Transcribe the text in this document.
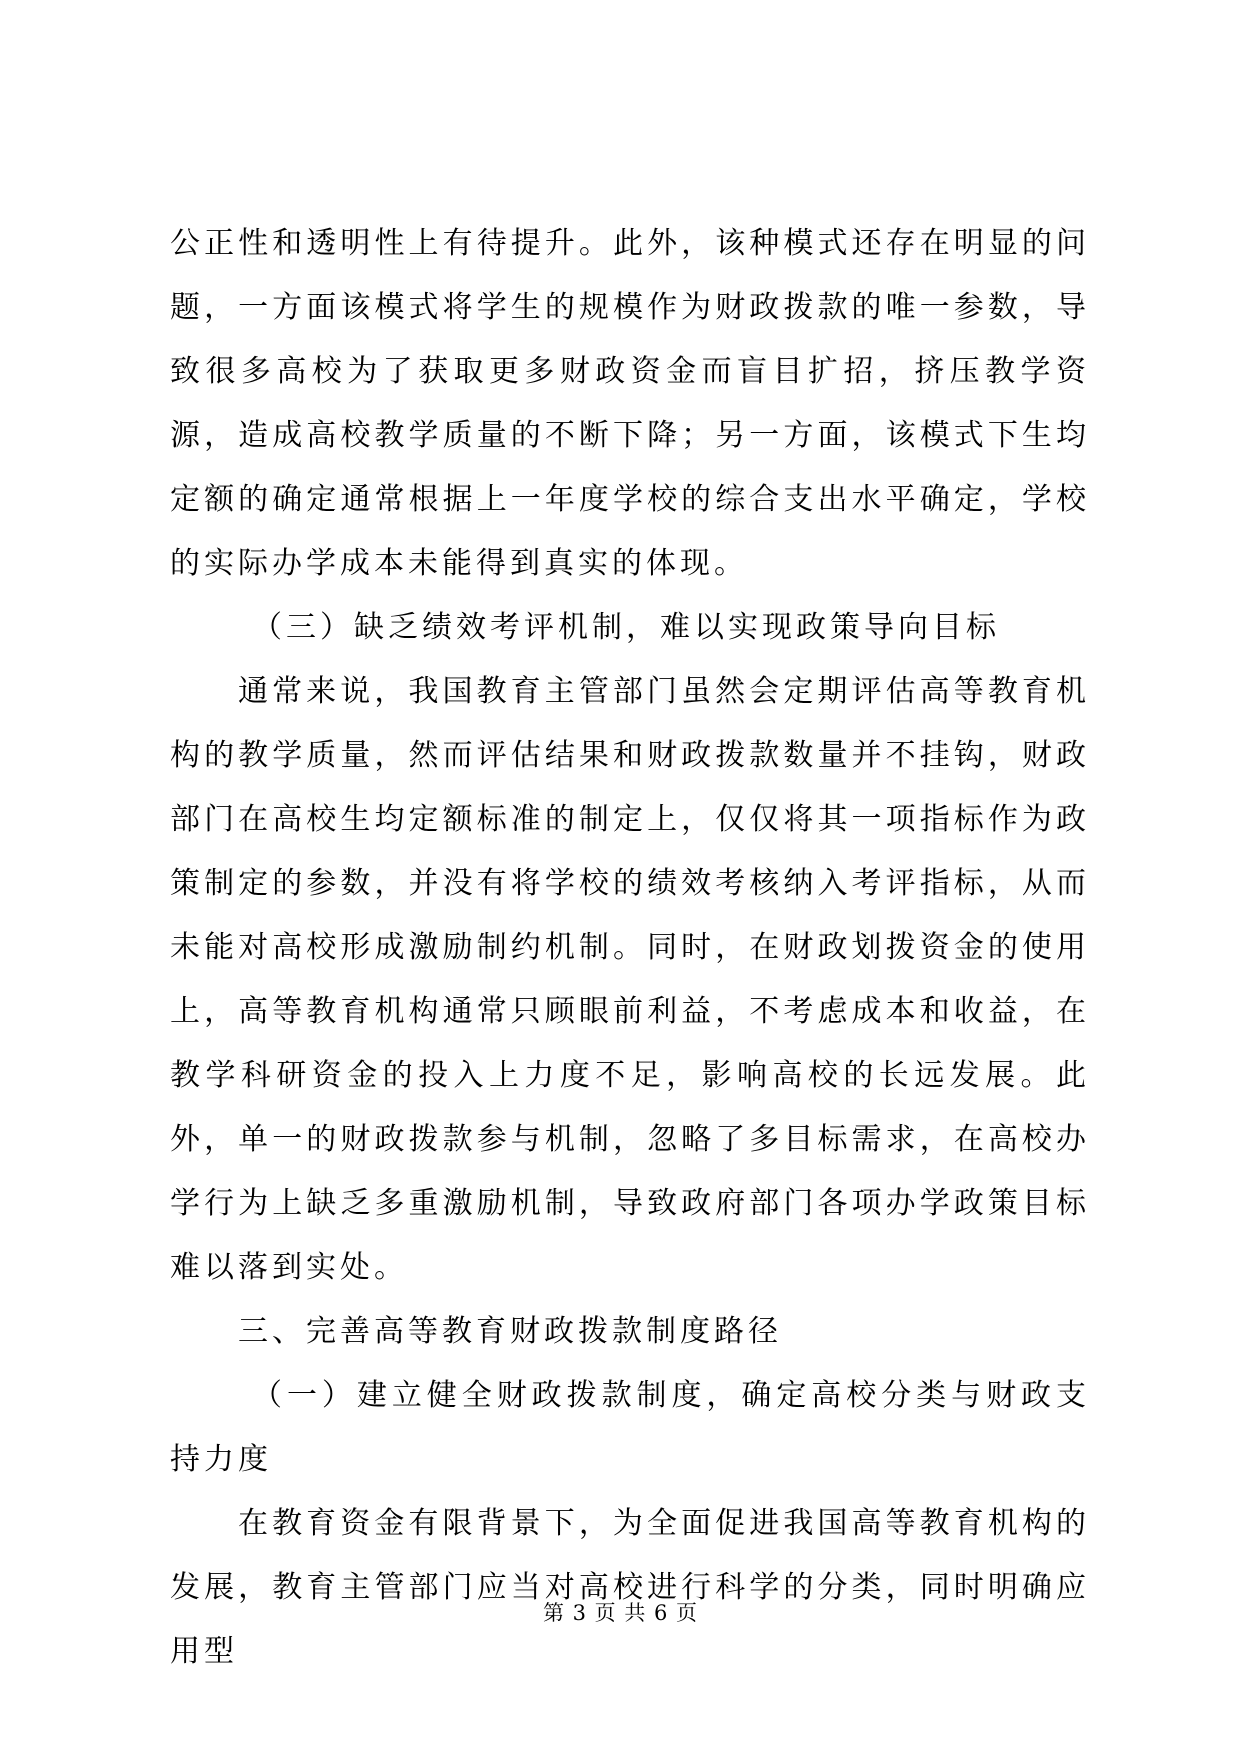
公正性和透明性上有待提升。此外，该种模式还存在明显的问题，一方面该模式将学生的规模作为财政拨款的唯一参数，导致很多高校为了获取更多财政资金而盲目扩招，挤压教学资源，造成高校教学质量的不断下降；另一方面，该模式下生均定额的确定通常根据上一年度学校的综合支出水平确定，学校的实际办学成本未能得到真实的体现。

（三）缺乏绩效考评机制，难以实现政策导向目标

通常来说，我国教育主管部门虽然会定期评估高等教育机构的教学质量，然而评估结果和财政拨款数量并不挂钩，财政部门在高校生均定额标准的制定上，仅仅将其一项指标作为政策制定的参数，并没有将学校的绩效考核纳入考评指标，从而未能对高校形成激励制约机制。同时，在财政划拨资金的使用上，高等教育机构通常只顾眼前利益，不考虑成本和收益，在教学科研资金的投入上力度不足，影响高校的长远发展。此外，单一的财政拨款参与机制，忽略了多目标需求，在高校办学行为上缺乏多重激励机制，导致政府部门各项办学政策目标难以落到实处。

三、完善高等教育财政拨款制度路径

（一）建立健全财政拨款制度，确定高校分类与财政支持力度

在教育资金有限背景下，为全面促进我国高等教育机构的发展，教育主管部门应当对高校进行科学的分类，同时明确应用型

第 3 页 共 6 页
